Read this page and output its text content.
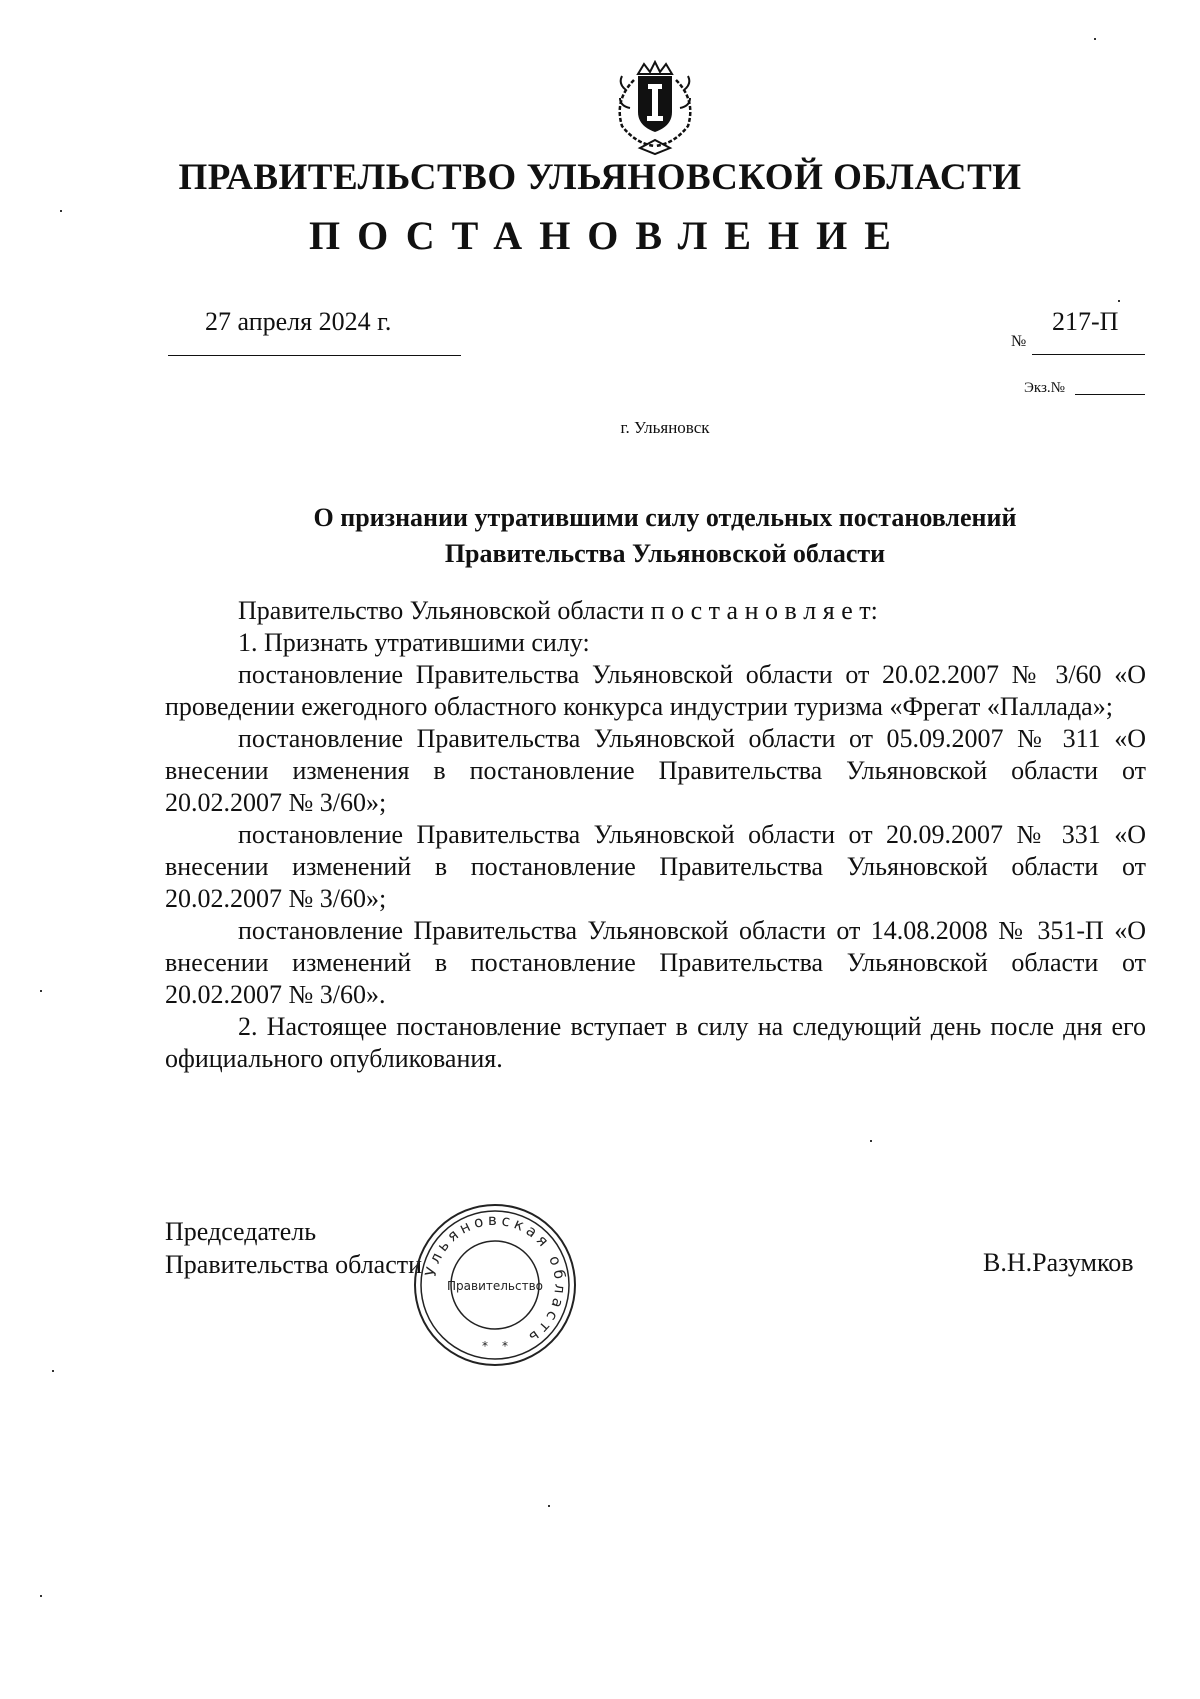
ПРАВИТЕЛЬСТВО УЛЬЯНОВСКОЙ ОБЛАСТИ
ПОСТАНОВЛЕНИЕ
27 апреля 2024 г.
№
217-П
Экз.№
г. Ульяновск
О признании утратившими силу отдельных постановлений
Правительства Ульяновской области

Правительство Ульяновской области п о с т а н о в л я е т:

1. Признать утратившими силу:

постановление Правительства Ульяновской области от 20.02.2007 № 3/60 «О проведении ежегодного областного конкурса индустрии туризма «Фрегат «Паллада»;

постановление Правительства Ульяновской области от 05.09.2007 № 311 «О внесении изменения в постановление Правительства Ульяновской области от 20.02.2007 № 3/60»;

постановление Правительства Ульяновской области от 20.09.2007 № 331 «О внесении изменений в постановление Правительства Ульяновской области от 20.02.2007 № 3/60»;

постановление Правительства Ульяновской области от 14.08.2008 № 351-П «О внесении изменений в постановление Правительства Ульяновской области от 20.02.2007 № 3/60».

2. Настоящее постановление вступает в силу на следующий день после дня его официального опубликования.

Председатель
Правительства области	В.Н.Разумков
Ульяновская область
Правительство
* *
